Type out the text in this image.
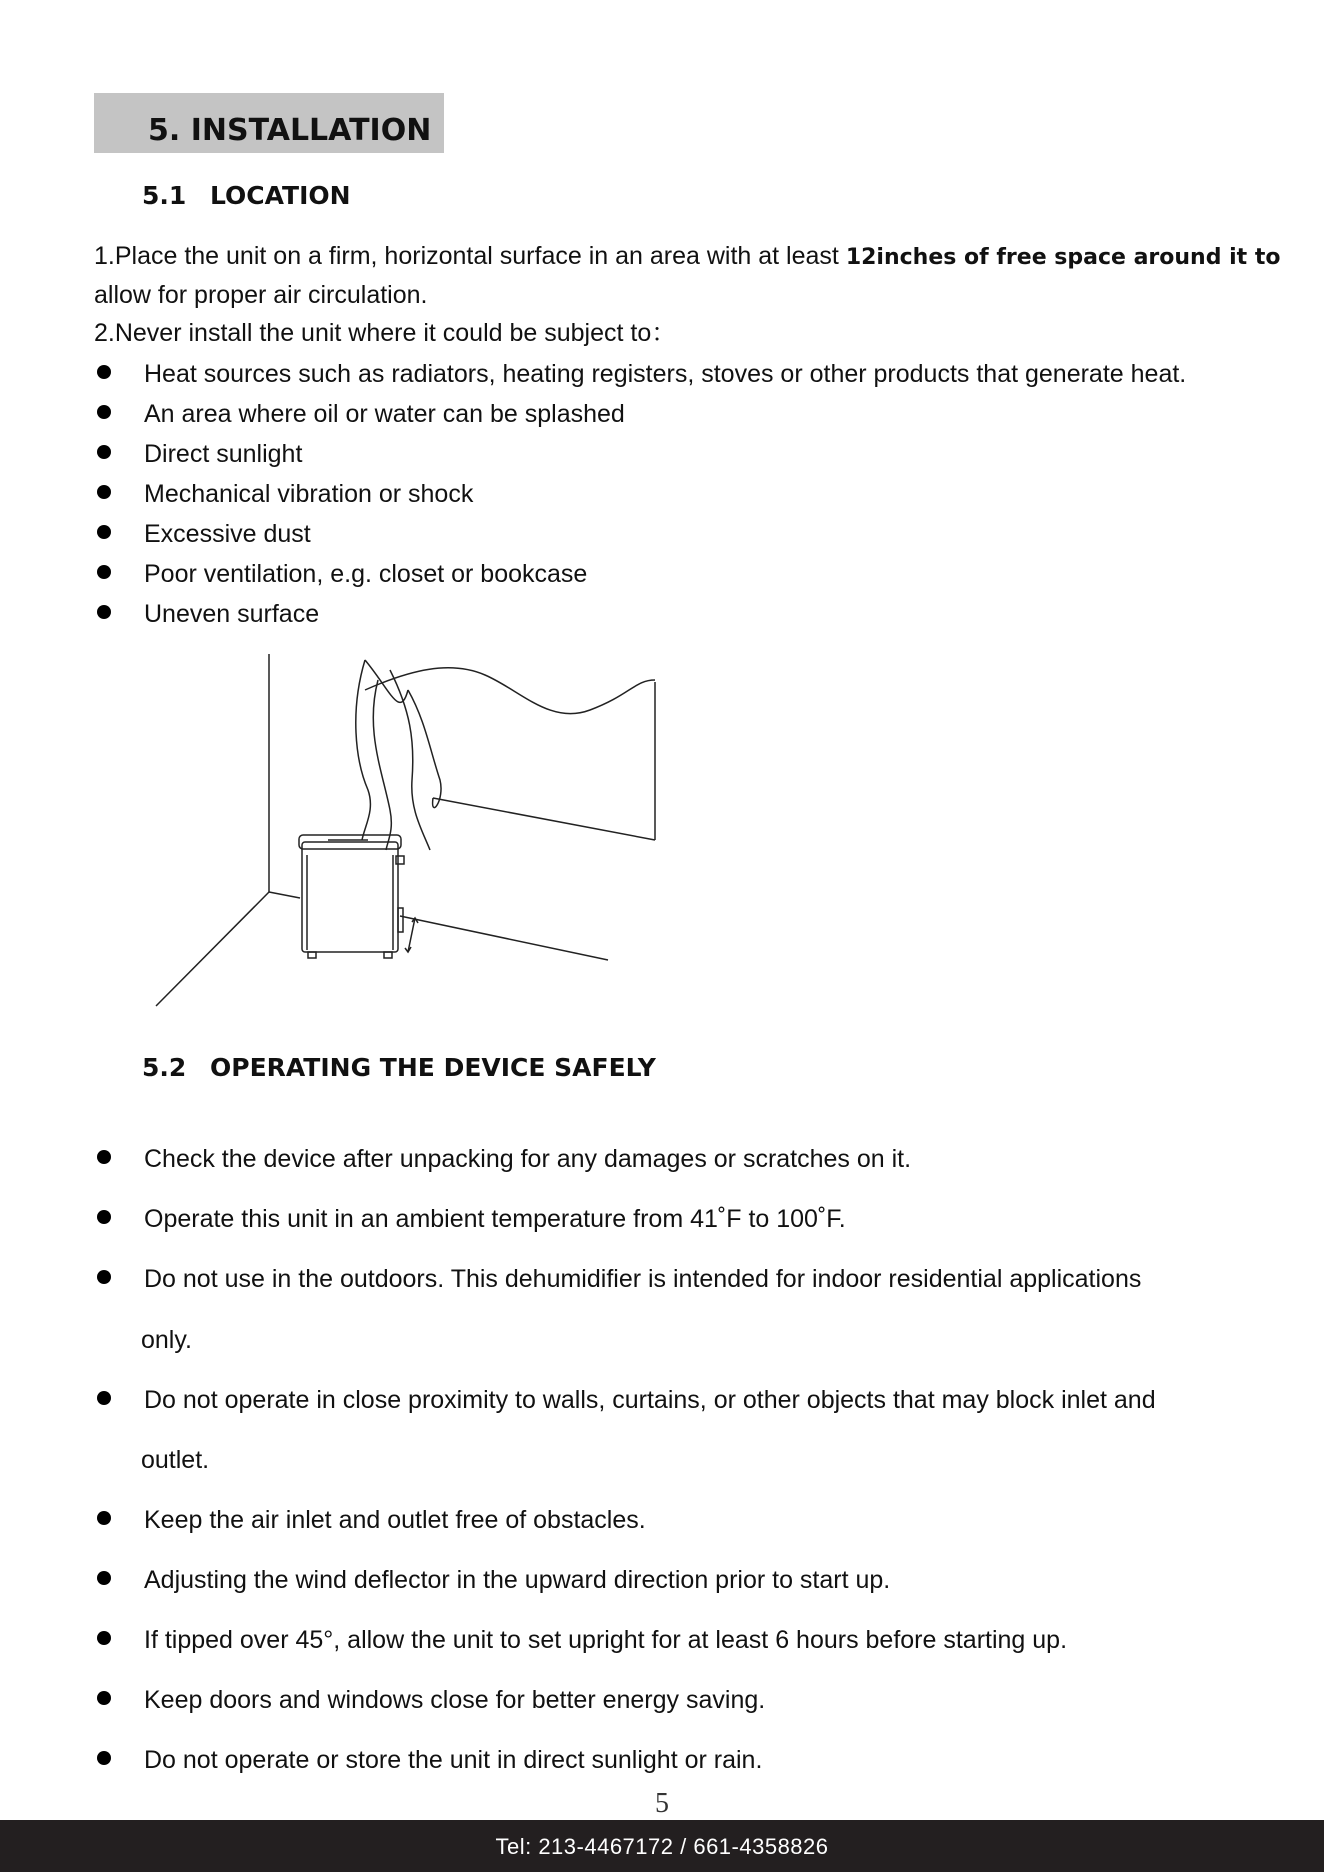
5. INSTALLATION
5.1 LOCATION
1.Place the unit on a firm, horizontal surface in an area with at least 12inches of free space around it to
allow for proper air circulation.
2.Never install the unit where it could be subject to：
Heat sources such as radiators, heating registers, stoves or other products that generate heat.
An area where oil or water can be splashed
Direct sunlight
Mechanical vibration or shock
Excessive dust
Poor ventilation, e.g. closet or bookcase
Uneven surface
5.2 OPERATING THE DEVICE SAFELY
Check the device after unpacking for any damages or scratches on it.
Operate this unit in an ambient temperature from 41˚F to 100˚F.
Do not use in the outdoors. This dehumidifier is intended for indoor residential applications
only.
Do not operate in close proximity to walls, curtains, or other objects that may block inlet and
outlet.
Keep the air inlet and outlet free of obstacles.
Adjusting the wind deflector in the upward direction prior to start up.
If tipped over 45°, allow the unit to set upright for at least 6 hours before starting up.
Keep doors and windows close for better energy saving.
Do not operate or store the unit in direct sunlight or rain.
5
Tel: 213-4467172 / 661-4358826
